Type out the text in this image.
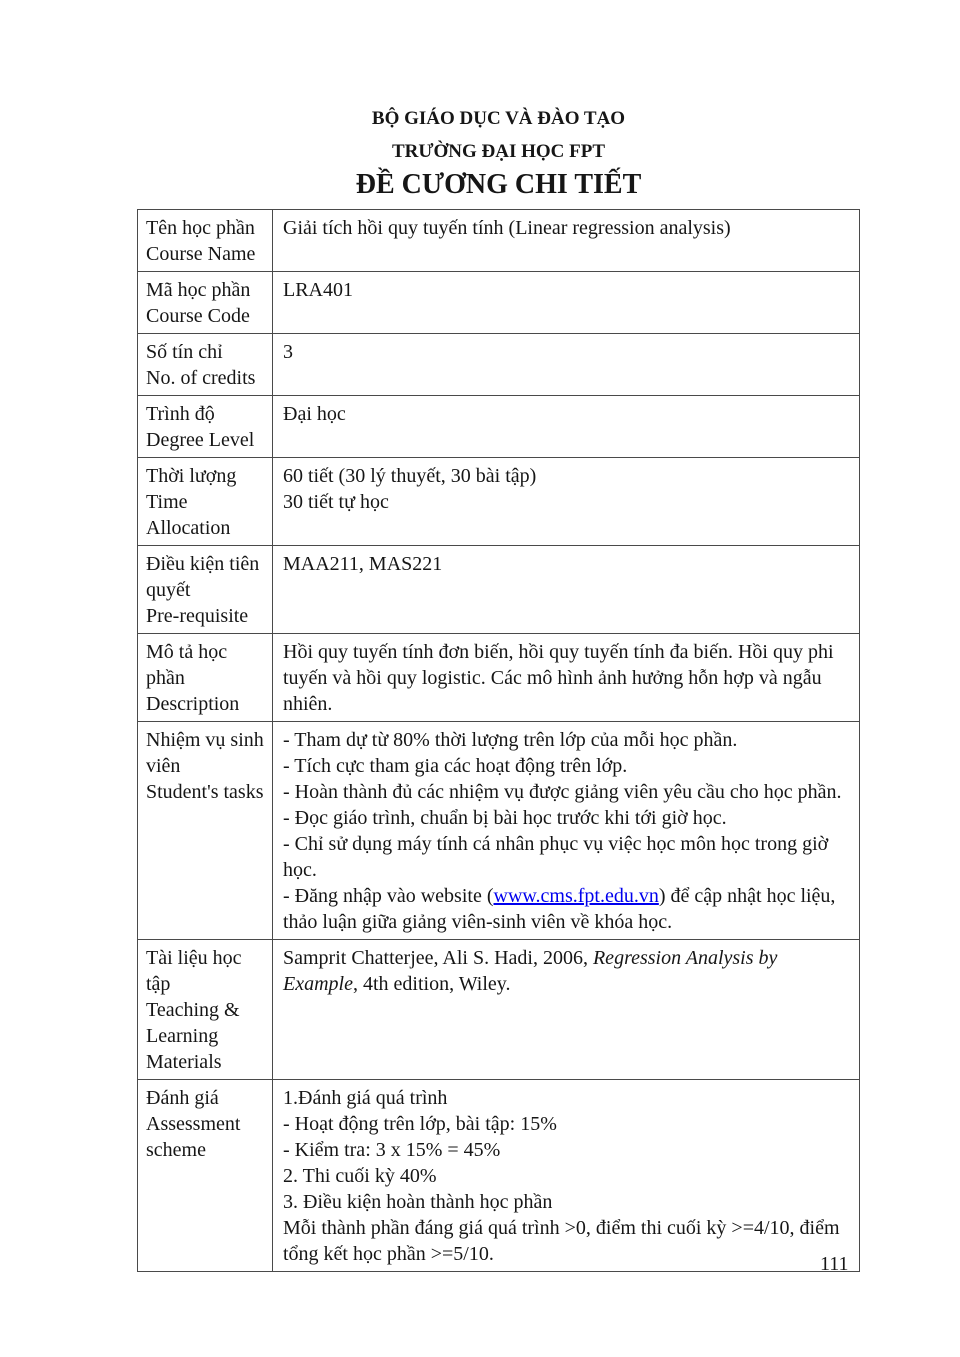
BỘ GIÁO DỤC VÀ ĐÀO TẠO
TRƯỜNG ĐẠI HỌC FPT
ĐỀ CƯƠNG CHI TIẾT
Tên học phần
Course Name

Giải tích hồi quy tuyến tính (Linear regression analysis)

Mã học phần
Course Code

LRA401

Số tín chỉ
No. of credits

3

Trình độ
Degree Level

Đại học

Thời lượng
Time Allocation

60 tiết (30 lý thuyết, 30 bài tập)

30 tiết tự học

Điều kiện tiên quyết
Pre-requisite

MAA211, MAS221

Mô tả học phần
Description

Hồi quy tuyến tính đơn biến, hồi quy tuyến tính đa biến. Hồi quy phi tuyến và hồi quy logistic. Các mô hình ảnh hưởng hỗn hợp và ngẫu nhiên.

Nhiệm vụ sinh viên
Student's tasks

- Tham dự từ 80% thời lượng trên lớp của mỗi học phần.

- Tích cực tham gia các hoạt động trên lớp.

- Hoàn thành đủ các nhiệm vụ được giảng viên yêu cầu cho học phần.

- Đọc giáo trình, chuẩn bị bài học trước khi tới giờ học.

- Chỉ sử dụng máy tính cá nhân phục vụ việc học môn học trong giờ học.

- Đăng nhập vào website (www.cms.fpt.edu.vn) để cập nhật học liệu, thảo luận giữa giảng viên-sinh viên về khóa học.

Tài liệu học tập
Teaching & Learning Materials

Samprit Chatterjee, Ali S. Hadi, 2006, Regression Analysis by Example, 4th edition, Wiley.

Đánh giá
Assessment scheme

1.Đánh giá quá trình

- Hoạt động trên lớp, bài tập: 15%

- Kiểm tra: 3 x 15% = 45%

2. Thi cuối kỳ 40%

3. Điều kiện hoàn thành học phần

Mỗi thành phần đáng giá quá trình >0, điểm thi cuối kỳ >=4/10, điểm tổng kết học phần >=5/10.	111
